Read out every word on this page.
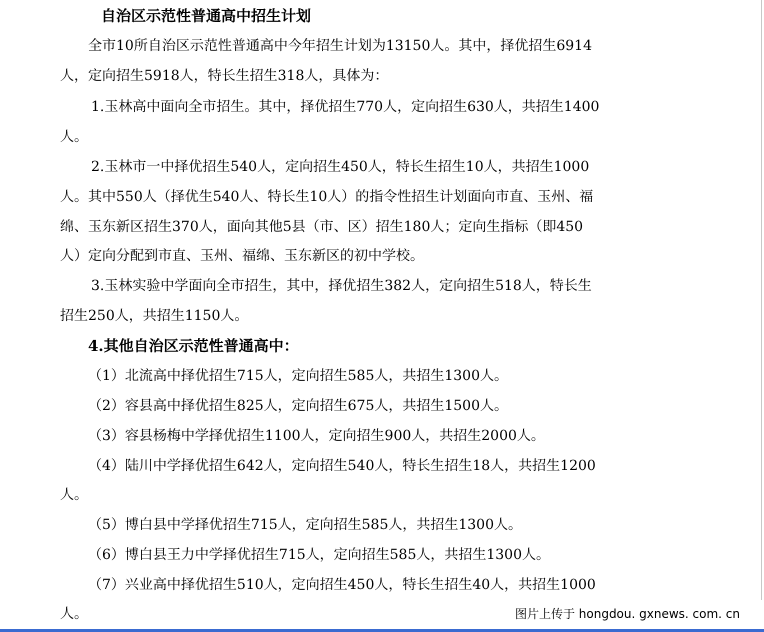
自治区示范性普通高中招生计划
全市10所自治区示范性普通高中今年招生计划为13150人。其中，择优招生6914
人，定向招生5918人，特长生招生318人，具体为：
1.玉林高中面向全市招生。其中，择优招生770人，定向招生630人，共招生1400
人。
2.玉林市一中择优招生540人，定向招生450人，特长生招生10人，共招生1000
人。其中550人（择优生540人、特长生10人）的指令性招生计划面向市直、玉州、福
绵、玉东新区招生370人，面向其他5县（市、区）招生180人；定向生指标（即450
人）定向分配到市直、玉州、福绵、玉东新区的初中学校。
3.玉林实验中学面向全市招生，其中，择优招生382人，定向招生518人，特长生
招生250人，共招生1150人。
4.其他自治区示范性普通高中：
（1）北流高中择优招生715人，定向招生585人，共招生1300人。
（2）容县高中择优招生825人，定向招生675人，共招生1500人。
（3）容县杨梅中学择优招生1100人，定向招生900人，共招生2000人。
（4）陆川中学择优招生642人，定向招生540人，特长生招生18人，共招生1200
人。
（5）博白县中学择优招生715人，定向招生585人，共招生1300人。
（6）博白县王力中学择优招生715人，定向招生585人，共招生1300人。
（7）兴业高中择优招生510人，定向招生450人，特长生招生40人，共招生1000
人。	图片上传于 hongdou. gxnews. com. cn
